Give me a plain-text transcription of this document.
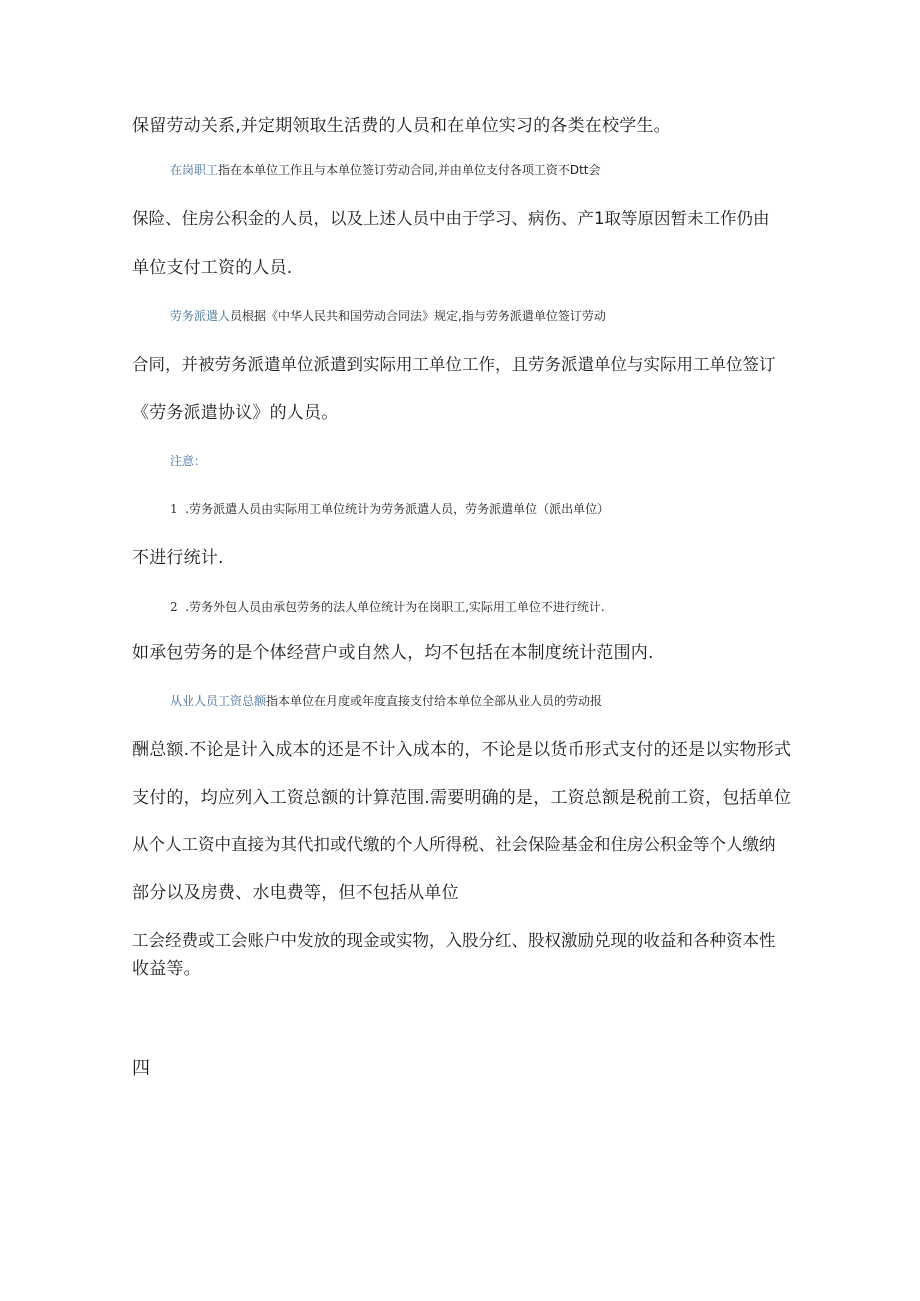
保留劳动关系,并定期领取生活费的人员和在单位实习的各类在校学生。
在岗职工指在本单位工作且与本单位签订劳动合同,并由单位支付各项工资不Dtt会
保险、住房公积金的人员，以及上述人员中由于学习、病伤、产1取等原因暂未工作仍由
单位支付工资的人员.
劳务派遣人员根据《中华人民共和国劳动合同法》规定,指与劳务派遣单位签订劳动
合同，并被劳务派遣单位派遣到实际用工单位工作，且劳务派遣单位与实际用工单位签订
《劳务派遣协议》的人员。
注意：
1 .劳务派遣人员由实际用工单位统计为劳务派遣人员，劳务派遣单位（派出单位）
不进行统计.
2 .劳务外包人员由承包劳务的法人单位统计为在岗职工,实际用工单位不进行统计.
如承包劳务的是个体经营户或自然人，均不包括在本制度统计范围内.
从业人员工资总额指本单位在月度或年度直接支付给本单位全部从业人员的劳动报
酬总额.不论是计入成本的还是不计入成本的，不论是以货币形式支付的还是以实物形式
支付的，均应列入工资总额的计算范围.需要明确的是，工资总额是税前工资，包括单位
从个人工资中直接为其代扣或代缴的个人所得税、社会保险基金和住房公积金等个人缴纳
部分以及房费、水电费等，但不包括从单位
工会经费或工会账户中发放的现金或实物，入股分红、股权激励兑现的收益和各种资本性
收益等。
四
